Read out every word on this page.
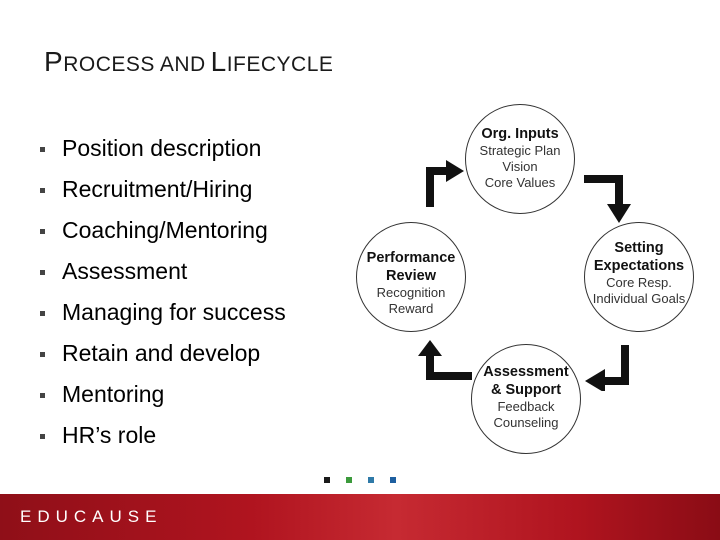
PROCESS AND LIFECYCLE
Position description
Recruitment/Hiring
Coaching/Mentoring
Assessment
Managing for success
Retain and develop
Mentoring
HR’s role
Org. Inputs
Strategic Plan
Vision
Core Values
Setting
Expectations
Core Resp.
Individual Goals
Assessment
& Support
Feedback
Counseling
Performance
Review
Recognition
Reward
EDUCAUSE
